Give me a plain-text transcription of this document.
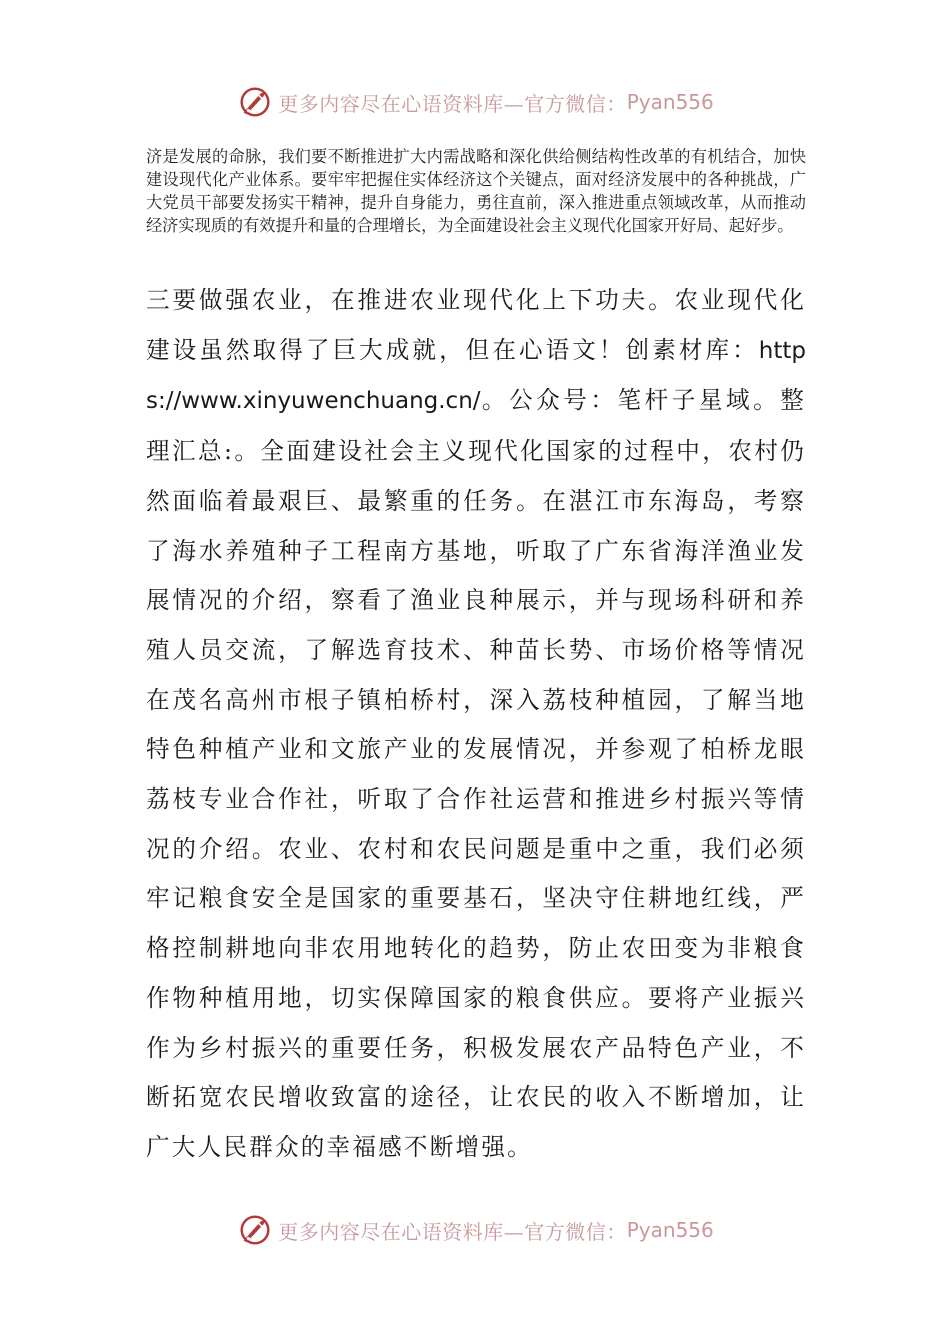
更多内容尽在心语资料库—官方微信： Pyan556

济是发展的命脉，我们要不断推进扩大内需战略和深化供给侧结构性改革的有机结合，加快建设现代化产业体系。要牢牢把握住实体经济这个关键点，面对经济发展中的各种挑战，广大党员干部要发扬实干精神，提升自身能力，勇往直前，深入推进重点领域改革，从而推动经济实现质的有效提升和量的合理增长，为全面建设社会主义现代化国家开好局、起好步。

三要做强农业，在推进农业现代化上下功夫。农业现代化建设虽然取得了巨大成就，但在心语文！创素材库：https://www.xinyuwenchuang.cn/。公众号：笔杆子星域。整理汇总:。全面建设社会主义现代化国家的过程中，农村仍然面临着最艰巨、最繁重的任务。在湛江市东海岛，考察了海水养殖种子工程南方基地，听取了广东省海洋渔业发展情况的介绍，察看了渔业良种展示，并与现场科研和养殖人员交流，了解选育技术、种苗长势、市场价格等情况在茂名高州市根子镇柏桥村，深入荔枝种植园，了解当地特色种植产业和文旅产业的发展情况，并参观了柏桥龙眼荔枝专业合作社，听取了合作社运营和推进乡村振兴等情况的介绍。农业、农村和农民问题是重中之重，我们必须牢记粮食安全是国家的重要基石，坚决守住耕地红线，严格控制耕地向非农用地转化的趋势，防止农田变为非粮食作物种植用地，切实保障国家的粮食供应。要将产业振兴作为乡村振兴的重要任务，积极发展农产品特色产业，不断拓宽农民增收致富的途径，让农民的收入不断增加，让广大人民群众的幸福感不断增强。

更多内容尽在心语资料库—官方微信： Pyan556
